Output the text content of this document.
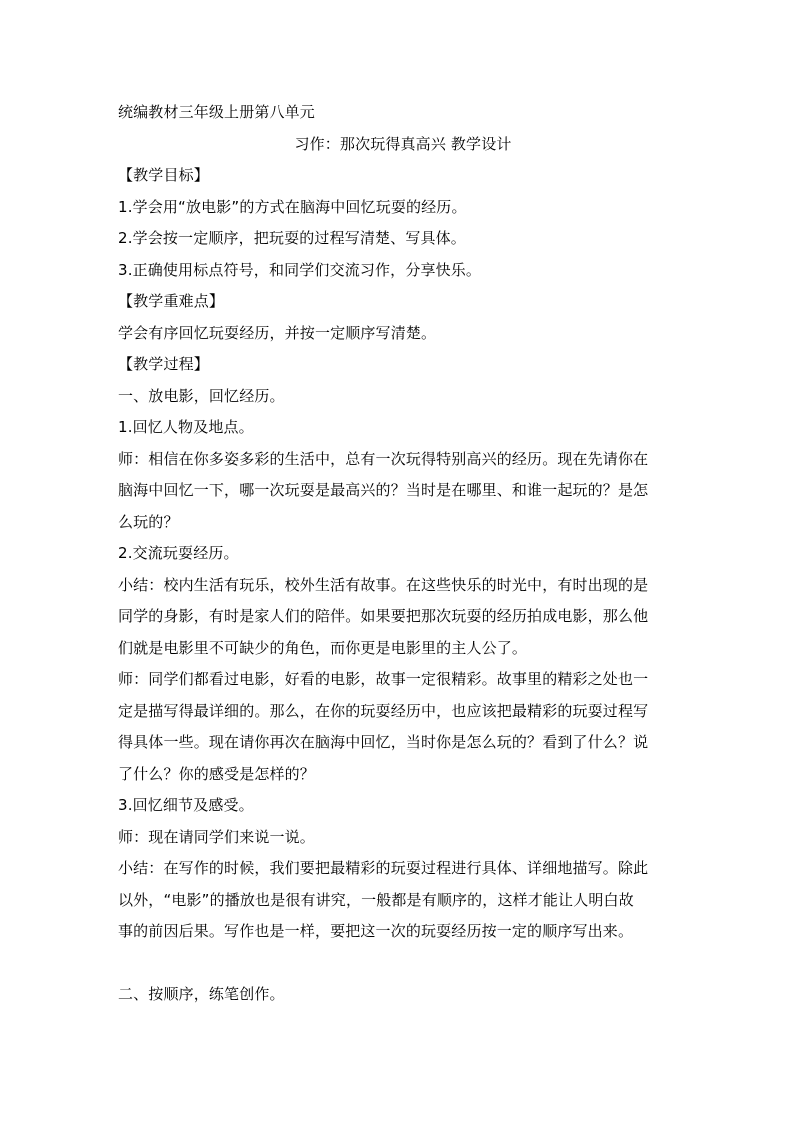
统编教材三年级上册第八单元
习作：那次玩得真高兴 教学设计
【教学目标】
1.学会用“放电影”的方式在脑海中回忆玩耍的经历。
2.学会按一定顺序，把玩耍的过程写清楚、写具体。
3.正确使用标点符号，和同学们交流习作，分享快乐。
【教学重难点】
学会有序回忆玩耍经历，并按一定顺序写清楚。
【教学过程】
一、放电影，回忆经历。
1.回忆人物及地点。
师：相信在你多姿多彩的生活中，总有一次玩得特别高兴的经历。现在先请你在
脑海中回忆一下，哪一次玩耍是最高兴的？当时是在哪里、和谁一起玩的？是怎
么玩的？
2.交流玩耍经历。
小结：校内生活有玩乐，校外生活有故事。在这些快乐的时光中，有时出现的是
同学的身影，有时是家人们的陪伴。如果要把那次玩耍的经历拍成电影，那么他
们就是电影里不可缺少的角色，而你更是电影里的主人公了。
师：同学们都看过电影，好看的电影，故事一定很精彩。故事里的精彩之处也一
定是描写得最详细的。那么，在你的玩耍经历中，也应该把最精彩的玩耍过程写
得具体一些。现在请你再次在脑海中回忆，当时你是怎么玩的？看到了什么？说
了什么？你的感受是怎样的？
3.回忆细节及感受。
师：现在请同学们来说一说。
小结：在写作的时候，我们要把最精彩的玩耍过程进行具体、详细地描写。除此
以外，“电影”的播放也是很有讲究，一般都是有顺序的，这样才能让人明白故
事的前因后果。写作也是一样，要把这一次的玩耍经历按一定的顺序写出来。
二、按顺序，练笔创作。
